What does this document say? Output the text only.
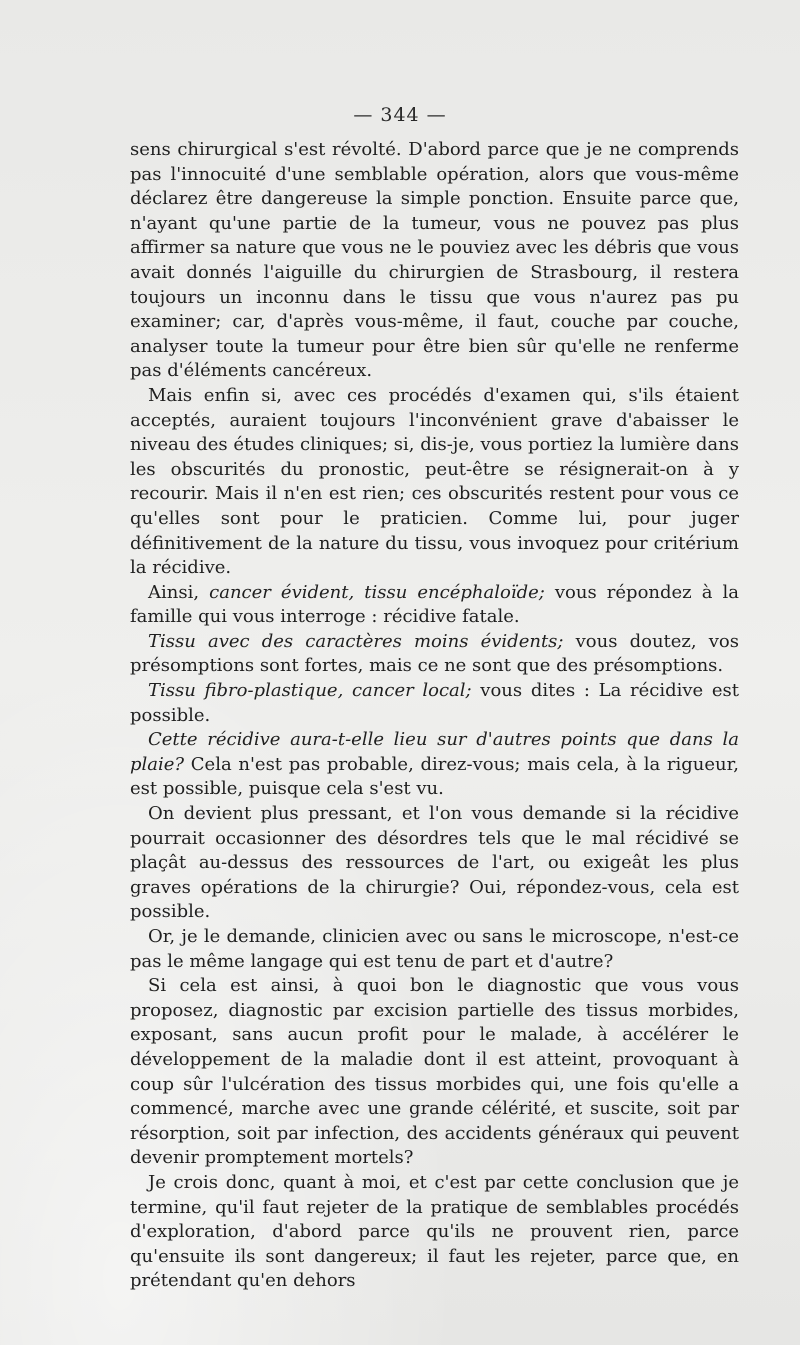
— 344 —

sens chirurgical s'est révolté. D'abord parce que je ne comprends pas l'innocuité d'une semblable opération, alors que vous-même déclarez être dangereuse la simple ponction. Ensuite parce que, n'ayant qu'une partie de la tumeur, vous ne pouvez pas plus affirmer sa nature que vous ne le pouviez avec les débris que vous avait donnés l'aiguille du chirurgien de Strasbourg, il restera toujours un inconnu dans le tissu que vous n'aurez pas pu examiner; car, d'après vous-même, il faut, couche par couche, analyser toute la tumeur pour être bien sûr qu'elle ne renferme pas d'éléments cancéreux.

Mais enfin si, avec ces procédés d'examen qui, s'ils étaient acceptés, auraient toujours l'inconvénient grave d'abaisser le niveau des études cliniques; si, dis-je, vous portiez la lumière dans les obscurités du pronostic, peut-être se résignerait-on à y recourir. Mais il n'en est rien; ces obscurités restent pour vous ce qu'elles sont pour le praticien. Comme lui, pour juger définitivement de la nature du tissu, vous invoquez pour critérium la récidive.

Ainsi, cancer évident, tissu encéphaloïde; vous répondez à la famille qui vous interroge : récidive fatale.

Tissu avec des caractères moins évidents; vous doutez, vos présomptions sont fortes, mais ce ne sont que des présomptions.

Tissu fibro-plastique, cancer local; vous dites : La récidive est possible.

Cette récidive aura-t-elle lieu sur d'autres points que dans la plaie? Cela n'est pas probable, direz-vous; mais cela, à la rigueur, est possible, puisque cela s'est vu.

On devient plus pressant, et l'on vous demande si la récidive pourrait occasionner des désordres tels que le mal récidivé se plaçât au-dessus des ressources de l'art, ou exigeât les plus graves opérations de la chirurgie? Oui, répondez-vous, cela est possible.

Or, je le demande, clinicien avec ou sans le microscope, n'est-ce pas le même langage qui est tenu de part et d'autre?

Si cela est ainsi, à quoi bon le diagnostic que vous vous proposez, diagnostic par excision partielle des tissus morbides, exposant, sans aucun profit pour le malade, à accélérer le développement de la maladie dont il est atteint, provoquant à coup sûr l'ulcération des tissus morbides qui, une fois qu'elle a commencé, marche avec une grande célérité, et suscite, soit par résorption, soit par infection, des accidents généraux qui peuvent devenir promptement mortels?

Je crois donc, quant à moi, et c'est par cette conclusion que je termine, qu'il faut rejeter de la pratique de semblables procédés d'exploration, d'abord parce qu'ils ne prouvent rien, parce qu'ensuite ils sont dangereux; il faut les rejeter, parce que, en prétendant qu'en dehors
